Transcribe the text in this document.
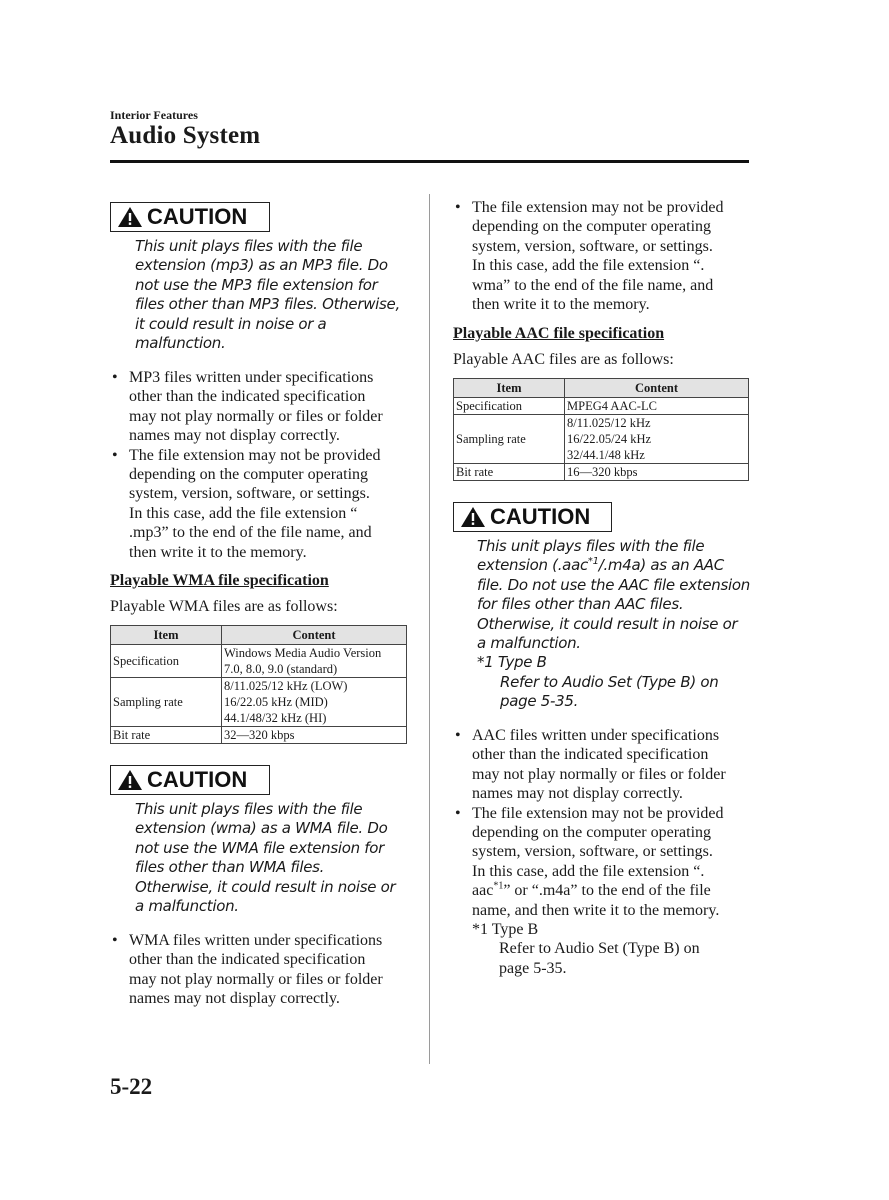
Interior Features
Audio System
CAUTION
This unit plays files with the file
extension (mp3) as an MP3 file. Do
not use the MP3 file extension for
files other than MP3 files. Otherwise,
it could result in noise or a
malfunction.
• MP3 files written under specifications
other than the indicated specification
may not play normally or files or folder
names may not display correctly.
• The file extension may not be provided
depending on the computer operating
system, version, software, or settings.
In this case, add the file extension “
.mp3” to the end of the file name, and
then write it to the memory.
Playable WMA file specification
Playable WMA files are as follows:
Item	Content
Specification	Windows Media Audio Version
7.0, 8.0, 9.0 (standard)

Sampling rate	8/11.025/12 kHz (LOW)
16/22.05 kHz (MID)
44.1/48/32 kHz (HI)

Bit rate	32—320 kbps
CAUTION
This unit plays files with the file
extension (wma) as a WMA file. Do
not use the WMA file extension for
files other than WMA files.
Otherwise, it could result in noise or
a malfunction.
• WMA files written under specifications
other than the indicated specification
may not play normally or files or folder
names may not display correctly.
• The file extension may not be provided
depending on the computer operating
system, version, software, or settings.
In this case, add the file extension “.
wma” to the end of the file name, and
then write it to the memory.
Playable AAC file specification
Playable AAC files are as follows:
Item	Content
Specification	MPEG4 AAC-LC

Sampling rate	8/11.025/12 kHz
16/22.05/24 kHz
32/44.1/48 kHz

Bit rate	16—320 kbps
CAUTION
This unit plays files with the file
extension (.aac$^{*1}$/.m4a) as an AAC
file. Do not use the AAC file extension
for files other than AAC files.
Otherwise, it could result in noise or
a malfunction.
*1 Type B
Refer to Audio Set (Type B) on
page 5-35.
• AAC files written under specifications
other than the indicated specification
may not play normally or files or folder
names may not display correctly.
• The file extension may not be provided
depending on the computer operating
system, version, software, or settings.
In this case, add the file extension “.
aac$^{*1}$” or “.m4a” to the end of the file
name, and then write it to the memory.
*1 Type B
Refer to Audio Set (Type B) on
page 5-35.
5-22
